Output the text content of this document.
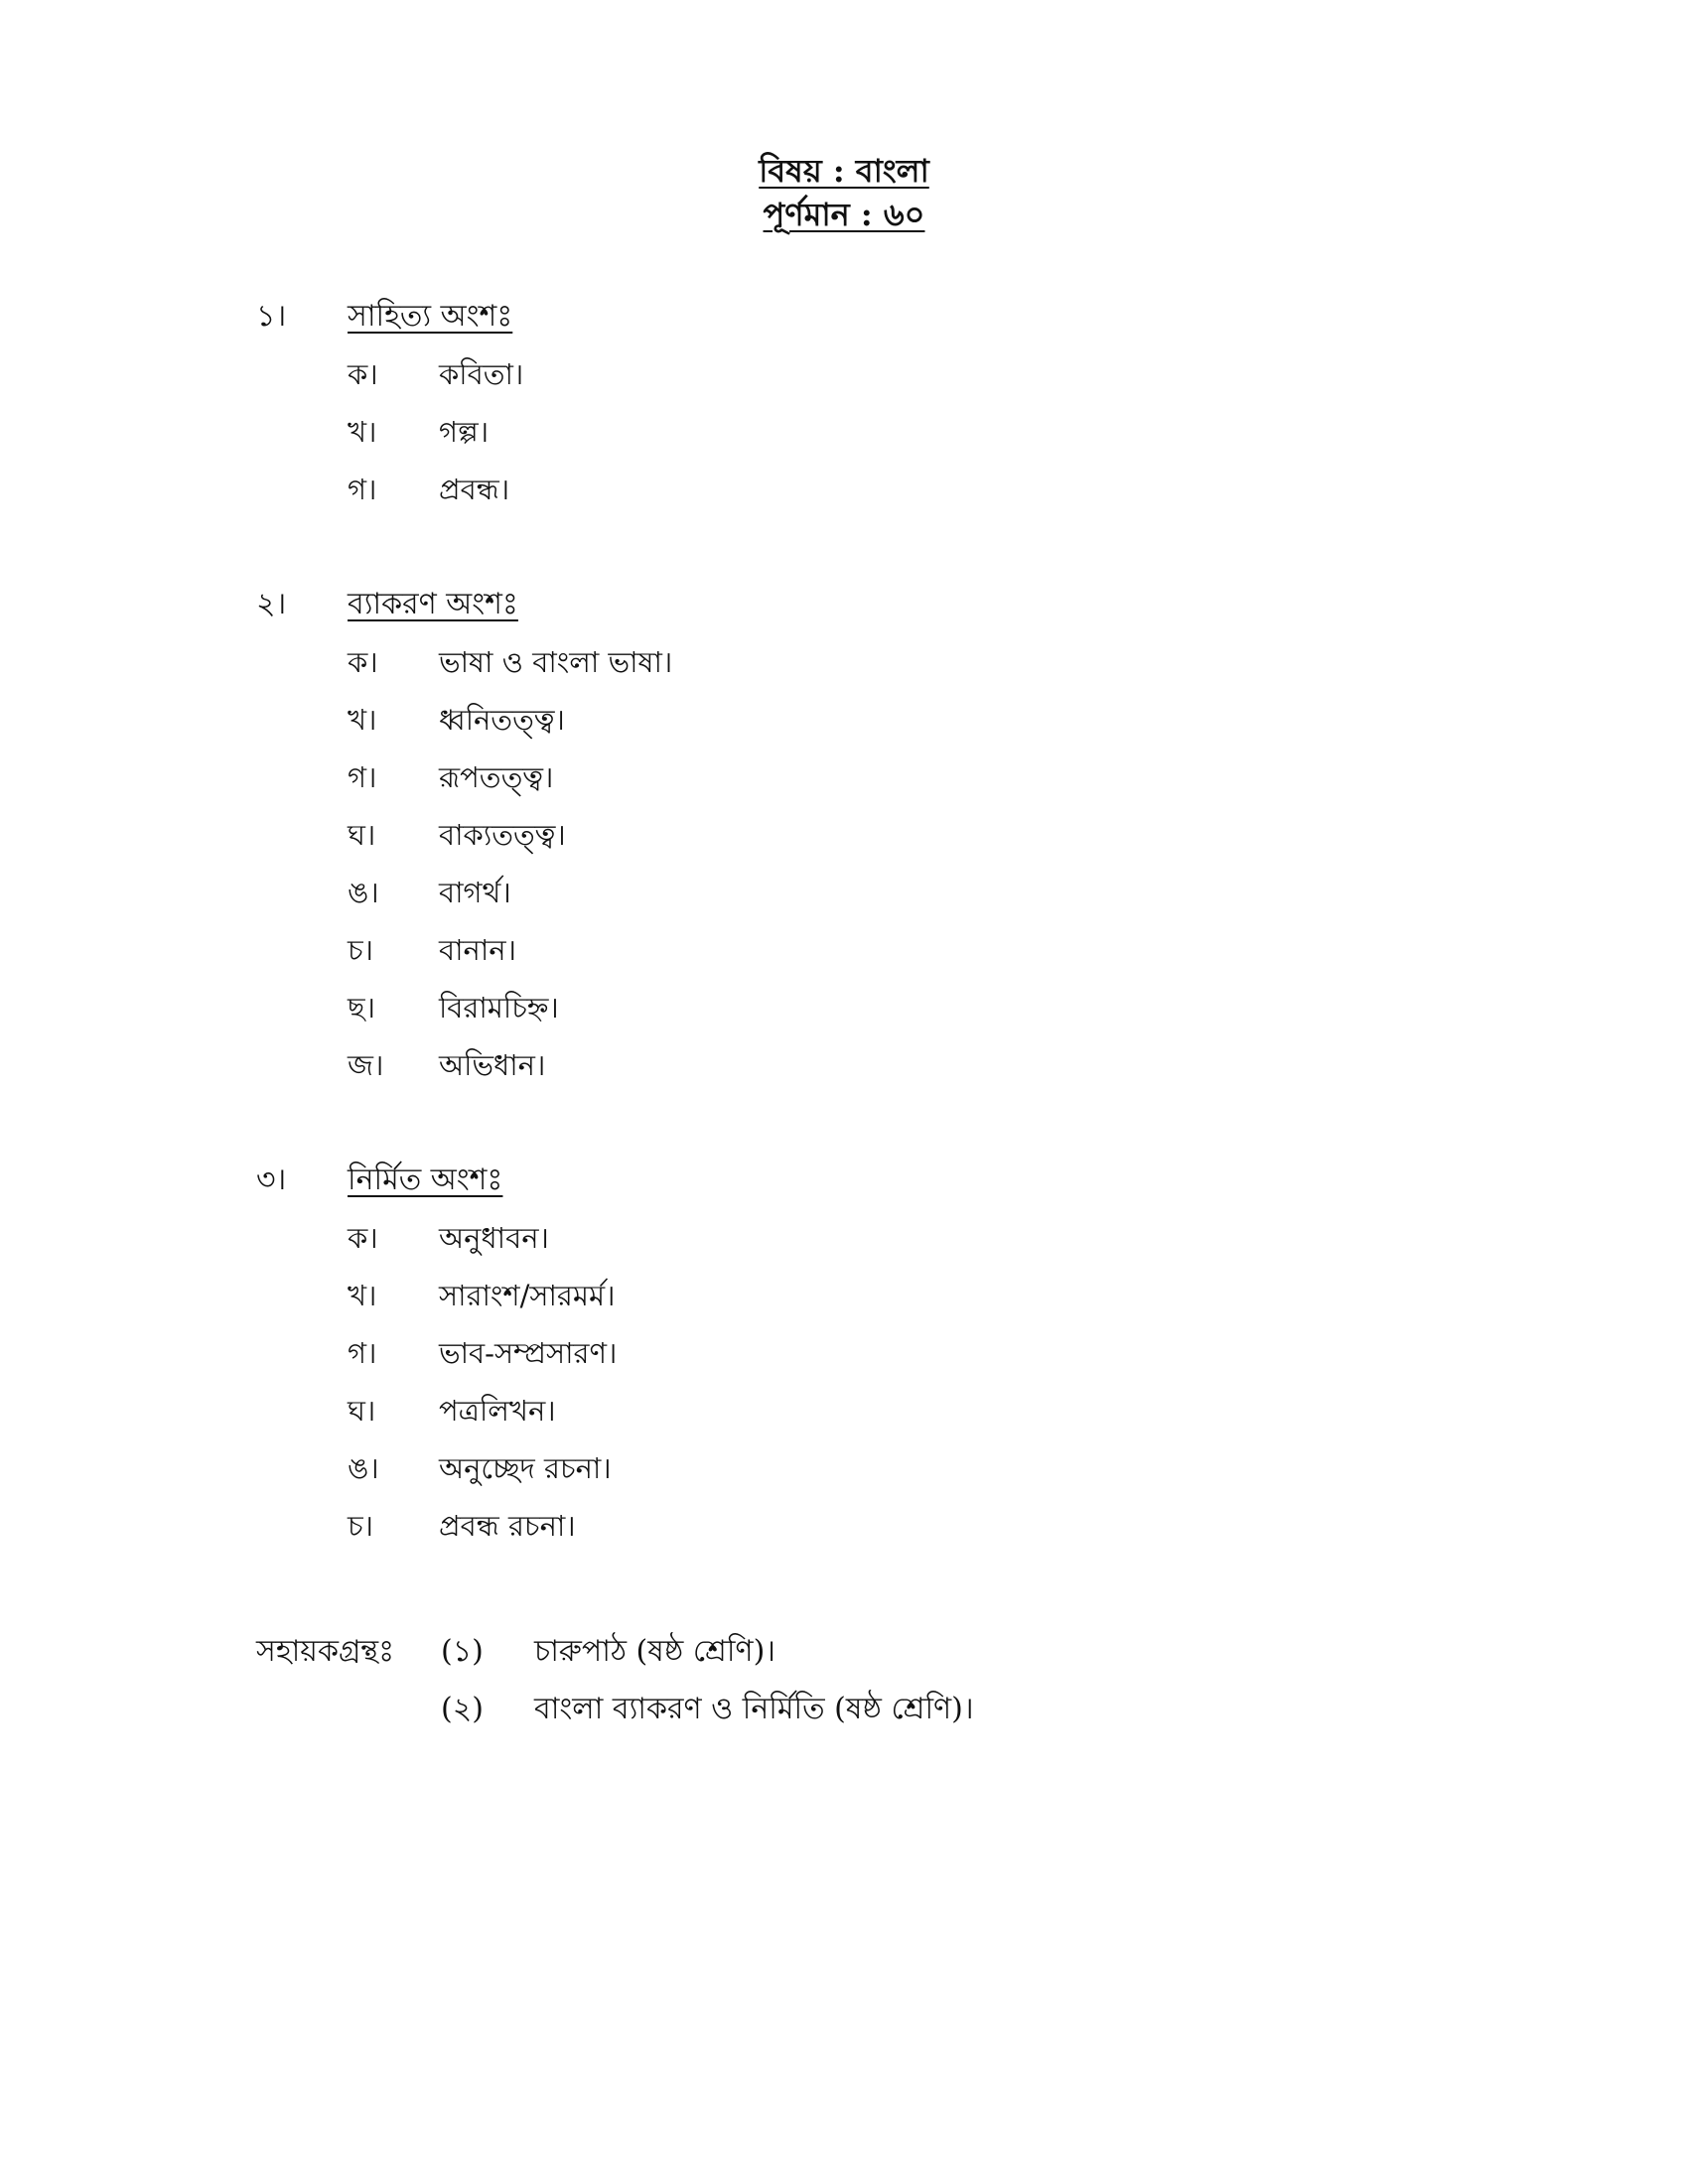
বিষয় : বাংলা
পূর্ণমান : ৬০
১। সাহিত্য অংশঃ
ক। কবিতা।
খ। গল্প।
গ। প্রবন্ধ।
২। ব্যাকরণ অংশঃ
ক। ভাষা ও বাংলা ভাষা।
খ। ধ্বনিতত্ত্ব।
গ। রূপতত্ত্ব।
ঘ। বাক্যতত্ত্ব।
ঙ। বাগর্থ।
চ। বানান।
ছ। বিরামচিহ্ন।
জ। অভিধান।
৩। নির্মিত অংশঃ
ক। অনুধাবন।
খ। সারাংশ/সারমর্ম।
গ। ভাব-সম্প্রসারণ।
ঘ। পত্রলিখন।
ঙ। অনুচ্ছেদ রচনা।
চ। প্রবন্ধ রচনা।
সহায়কগ্রন্থঃ (১) চারুপাঠ (ষষ্ঠ শ্রেণি)।
(২) বাংলা ব্যাকরণ ও নির্মিতি (ষষ্ঠ শ্রেণি)।
